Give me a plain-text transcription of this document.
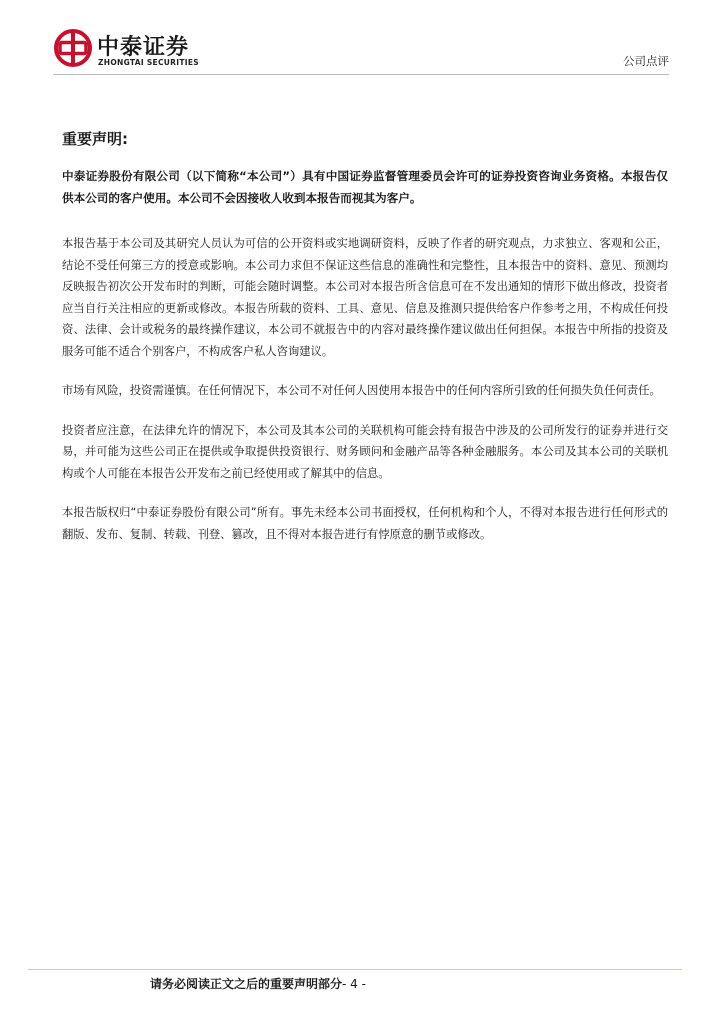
中泰证券
ZHONGTAI SECURITIES	公司点评
重要声明:
中泰证券股份有限公司（以下简称“本公司”）具有中国证券监督管理委员会许可的证券投资咨询业务资格。本报告仅供本公司的客户使用。本公司不会因接收人收到本报告而视其为客户。
本报告基于本公司及其研究人员认为可信的公开资料或实地调研资料，反映了作者的研究观点，力求独立、客观和公正，结论不受任何第三方的授意或影响。本公司力求但不保证这些信息的准确性和完整性，且本报告中的资料、意见、预测均反映报告初次公开发布时的判断，可能会随时调整。本公司对本报告所含信息可在不发出通知的情形下做出修改，投资者应当自行关注相应的更新或修改。本报告所载的资料、工具、意见、信息及推测只提供给客户作参考之用，不构成任何投资、法律、会计或税务的最终操作建议，本公司不就报告中的内容对最终操作建议做出任何担保。本报告中所指的投资及服务可能不适合个别客户，不构成客户私人咨询建议。
市场有风险，投资需谨慎。在任何情况下，本公司不对任何人因使用本报告中的任何内容所引致的任何损失负任何责任。
投资者应注意，在法律允许的情况下，本公司及其本公司的关联机构可能会持有报告中涉及的公司所发行的证券并进行交易，并可能为这些公司正在提供或争取提供投资银行、财务顾问和金融产品等各种金融服务。本公司及其本公司的关联机构或个人可能在本报告公开发布之前已经使用或了解其中的信息。
本报告版权归“中泰证券股份有限公司”所有。事先未经本公司书面授权，任何机构和个人，不得对本报告进行任何形式的翻版、发布、复制、转载、刊登、篡改，且不得对本报告进行有悖原意的删节或修改。
请务必阅读正文之后的重要声明部分- 4 -
